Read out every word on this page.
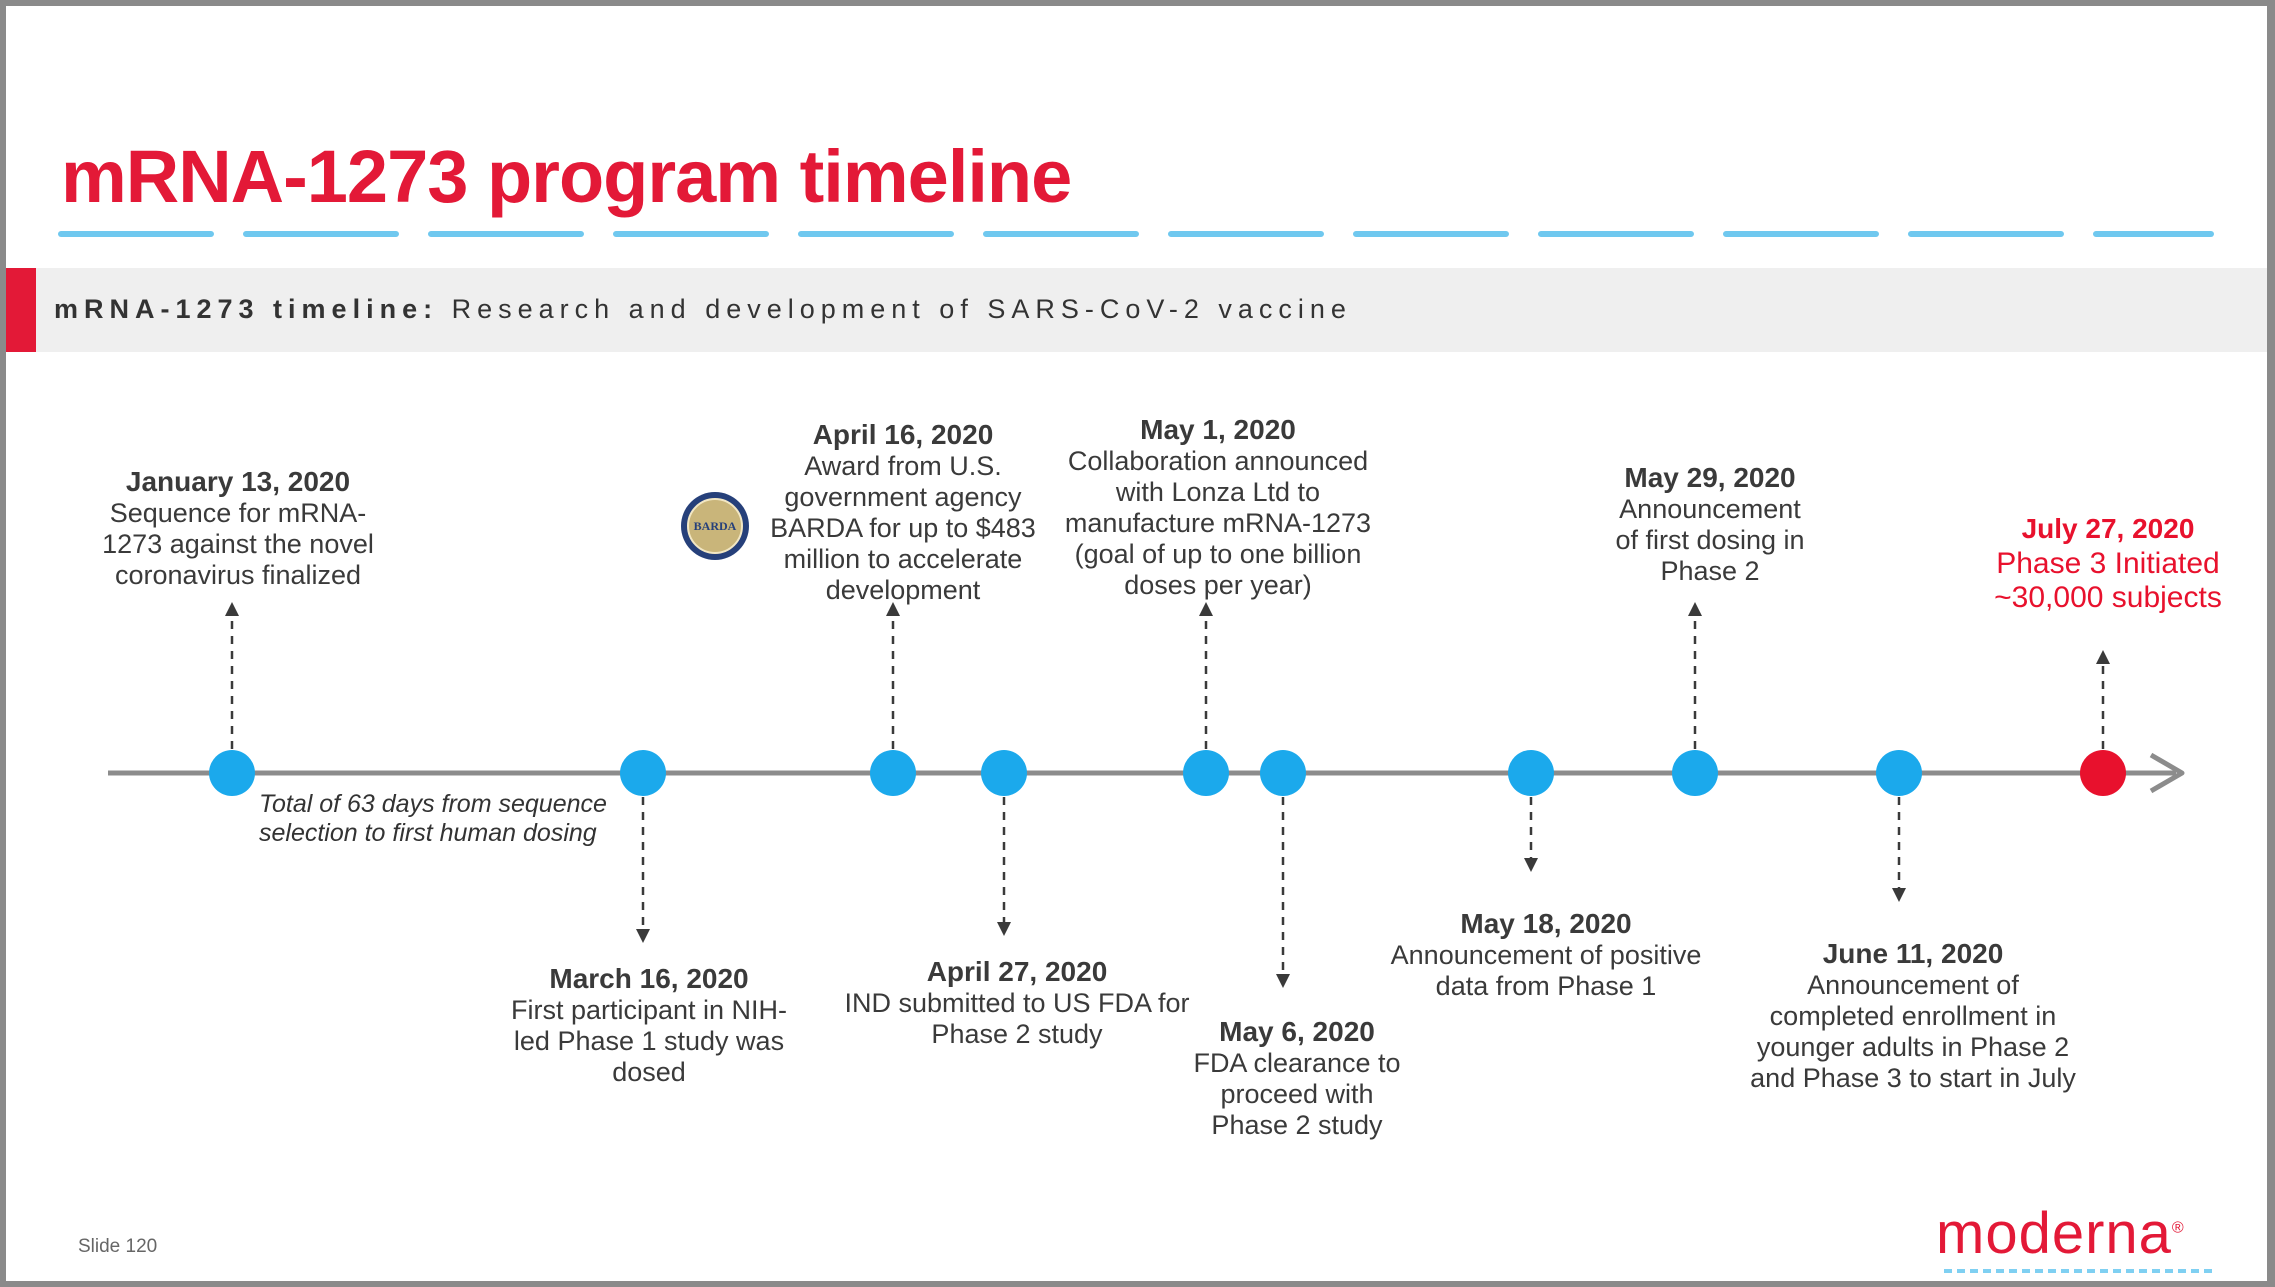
mRNA-1273 program timeline
mRNA-1273 timeline: Research and development of SARS-CoV-2 vaccine
BARDA
January 13, 2020
Sequence for mRNA-
1273 against the novel
coronavirus finalized
March 16, 2020
First participant in NIH-
led Phase 1 study was
dosed
April 16, 2020
Award from U.S.
government agency
BARDA for up to $483
million to accelerate
development
April 27, 2020
IND submitted to US FDA for
Phase 2 study
May 1, 2020
Collaboration announced
with Lonza Ltd to
manufacture mRNA-1273
(goal of up to one billion
doses per year)
May 6, 2020
FDA clearance to
proceed with
Phase 2 study
May 18, 2020
Announcement of positive
data from Phase 1
May 29, 2020
Announcement
of first dosing in
Phase 2
June 11, 2020
Announcement of
completed enrollment in
younger adults in Phase 2
and Phase 3 to start in July
July 27, 2020
Phase 3 Initiated
~30,000 subjects
Total of 63 days from sequence
selection to first human dosing
Slide 120	moderna®
